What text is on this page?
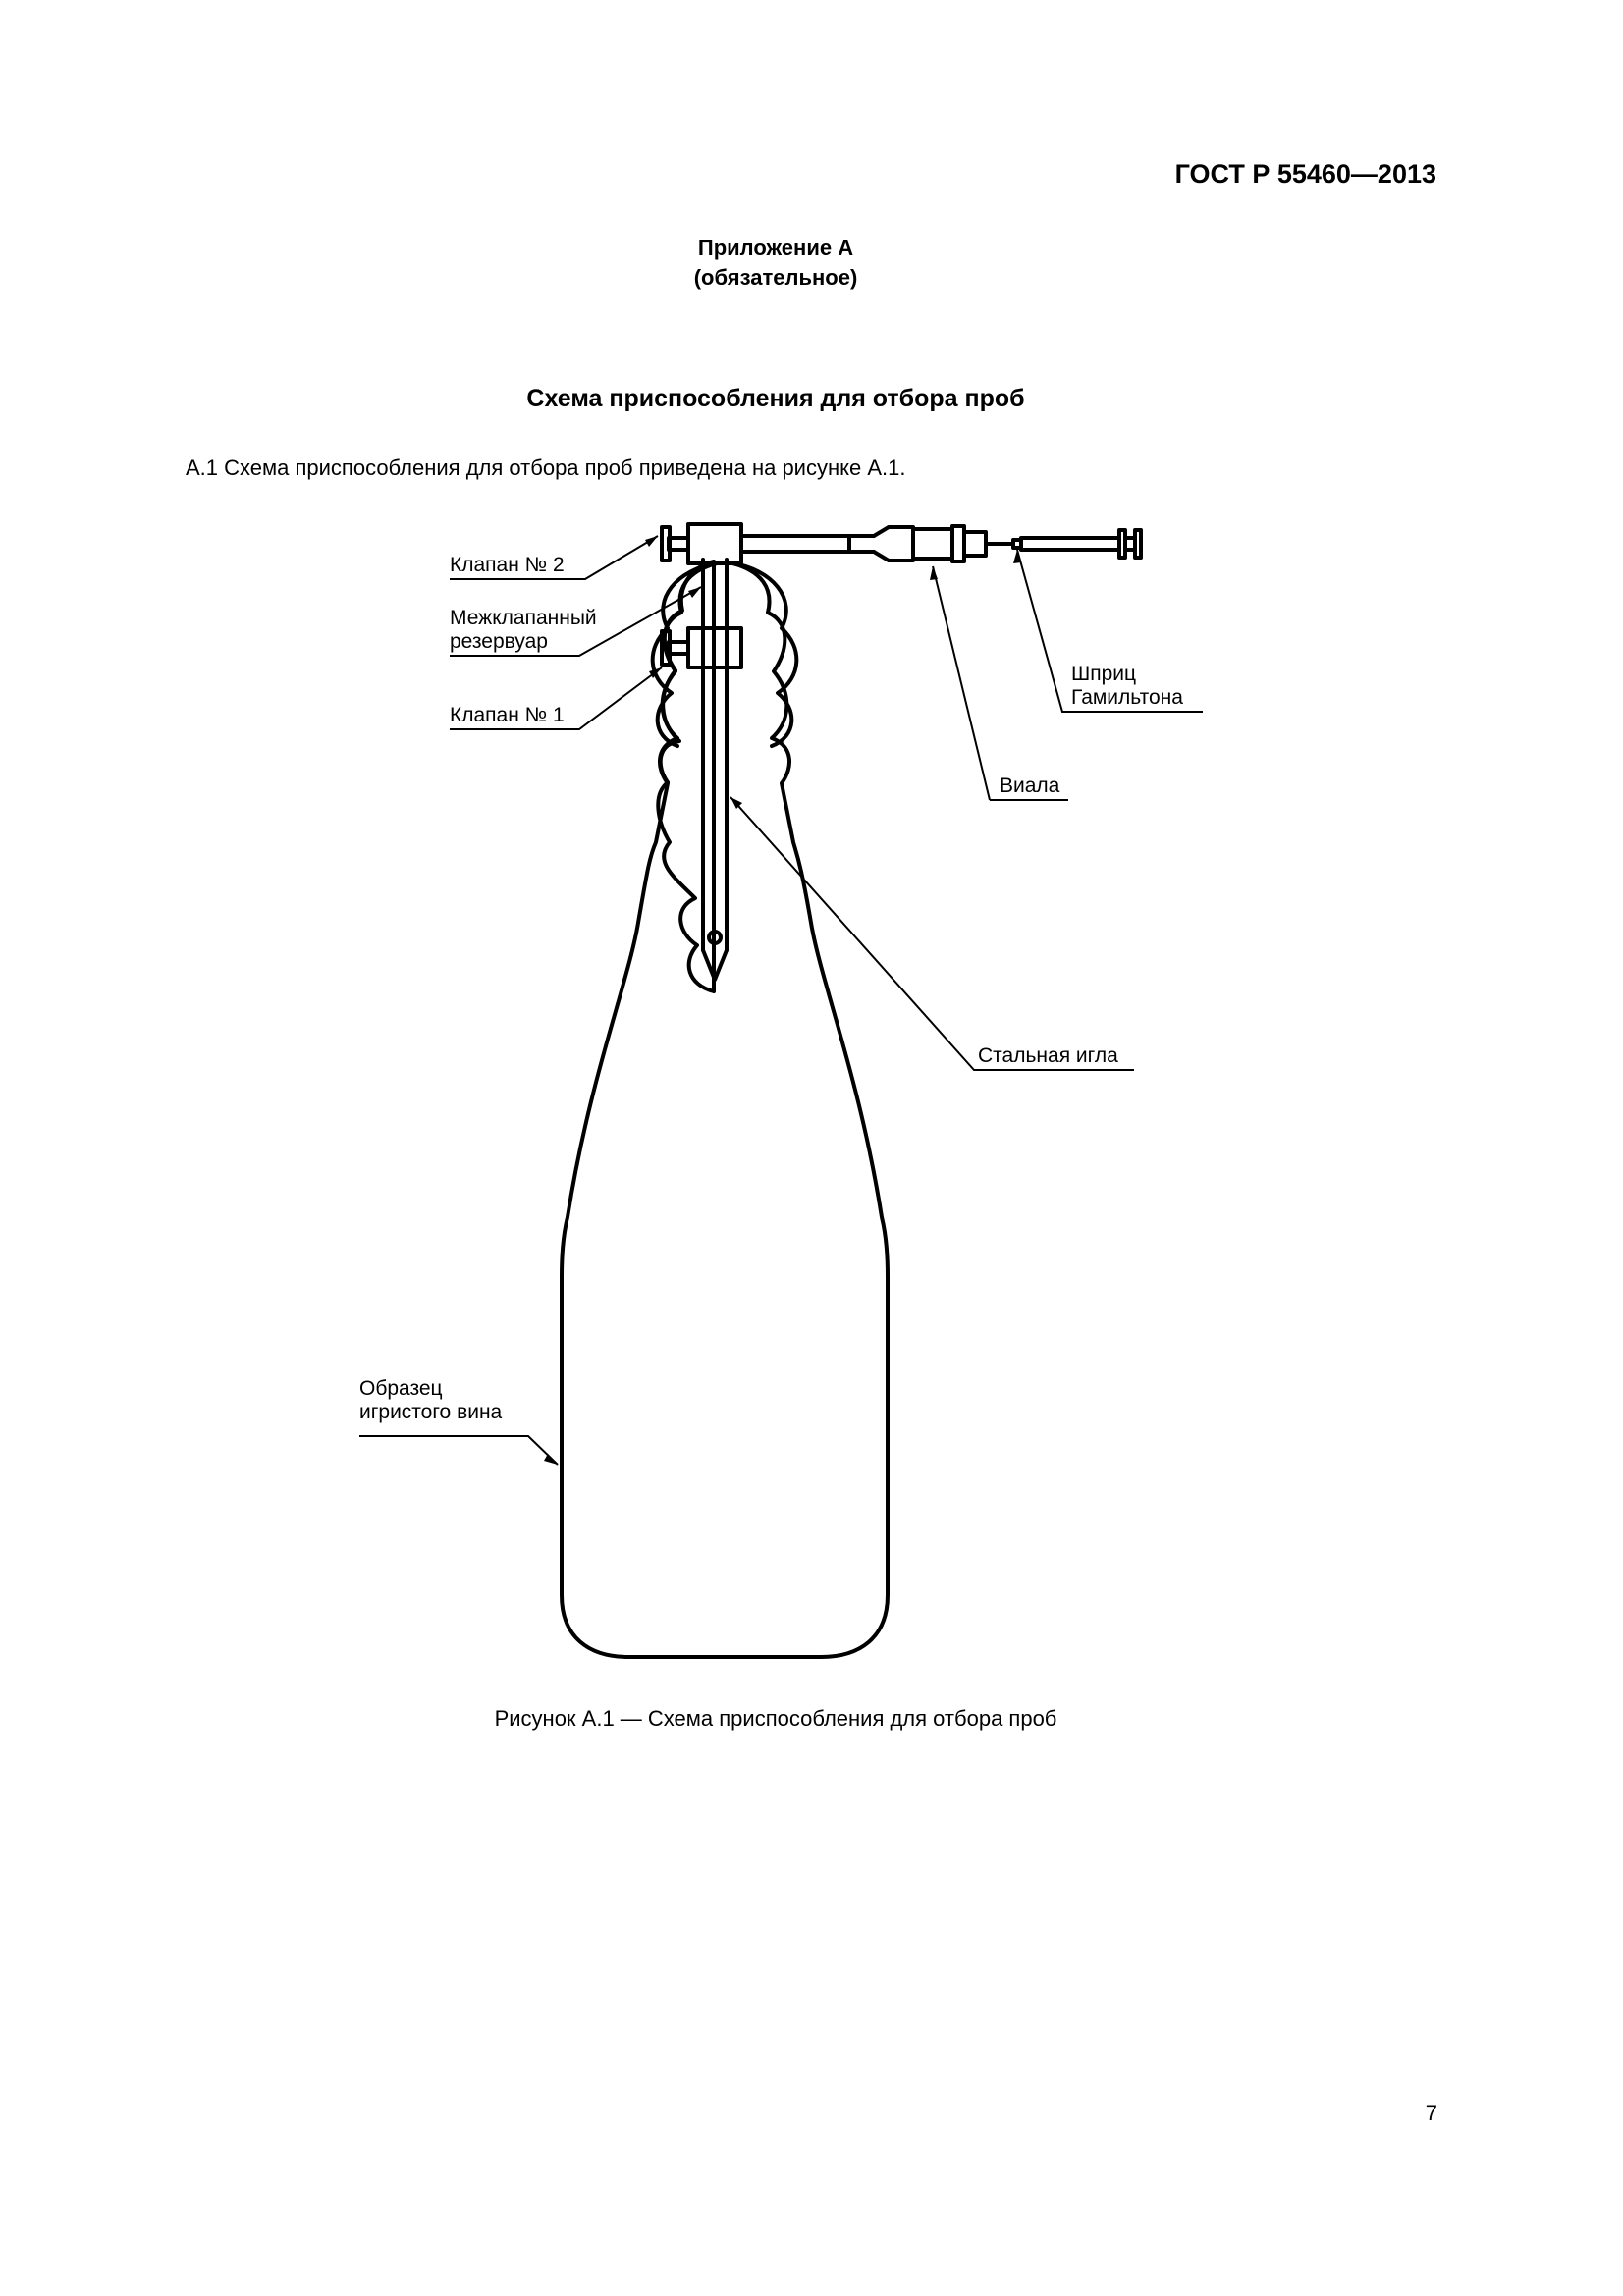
ГОСТ Р 55460—2013
Приложение А
(обязательное)
Схема приспособления для отбора проб
А.1 Схема приспособления для отбора проб приведена на рисунке А.1.
Клапан № 2
Межклапанный
резервуар
Клапан № 1
Шприц
Гамильтона
Виала
Стальная игла
Образец
игристого вина
Рисунок А.1 — Схема приспособления для отбора проб
7
